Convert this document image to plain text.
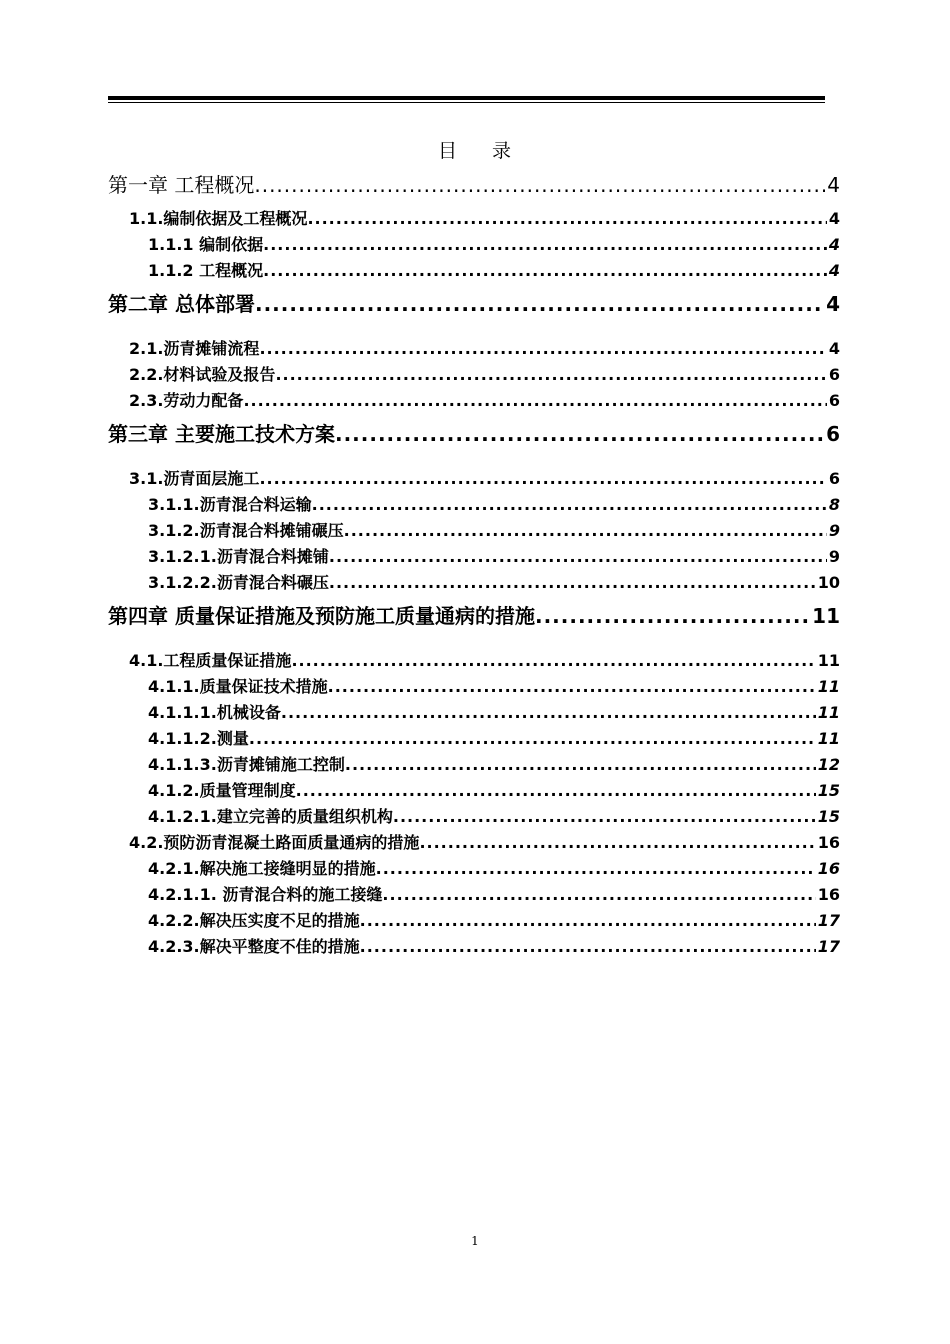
目 录
第一章 工程概况 .....	4
1.1.编制依据及工程概况 .....	4
1.1.1 编制依据 .....	4
1.1.2 工程概况 .....	4
第二章 总体部署 .....	4
2.1.沥青摊铺流程 .....	4
2.2.材料试验及报告 .....	6
2.3.劳动力配备 .....	6
第三章 主要施工技术方案 .....	6
3.1.沥青面层施工 .....	6
3.1.1.沥青混合料运输 .....	8
3.1.2.沥青混合料摊铺碾压 .....	9
3.1.2.1.沥青混合料摊铺 .....	9
3.1.2.2.沥青混合料碾压 .....	10
第四章 质量保证措施及预防施工质量通病的措施 .....	11
4.1.工程质量保证措施 .....	11
4.1.1.质量保证技术措施 .....	11
4.1.1.1.机械设备 .....	11
4.1.1.2.测量 .....	11
4.1.1.3.沥青摊铺施工控制 .....	12
4.1.2.质量管理制度 .....	15
4.1.2.1.建立完善的质量组织机构 .....	15
4.2.预防沥青混凝土路面质量通病的措施 .....	16
4.2.1.解决施工接缝明显的措施 .....	16
4.2.1.1. 沥青混合料的施工接缝 .....	16
4.2.2.解决压实度不足的措施 .....	17
4.2.3.解决平整度不佳的措施 .....	17
1
